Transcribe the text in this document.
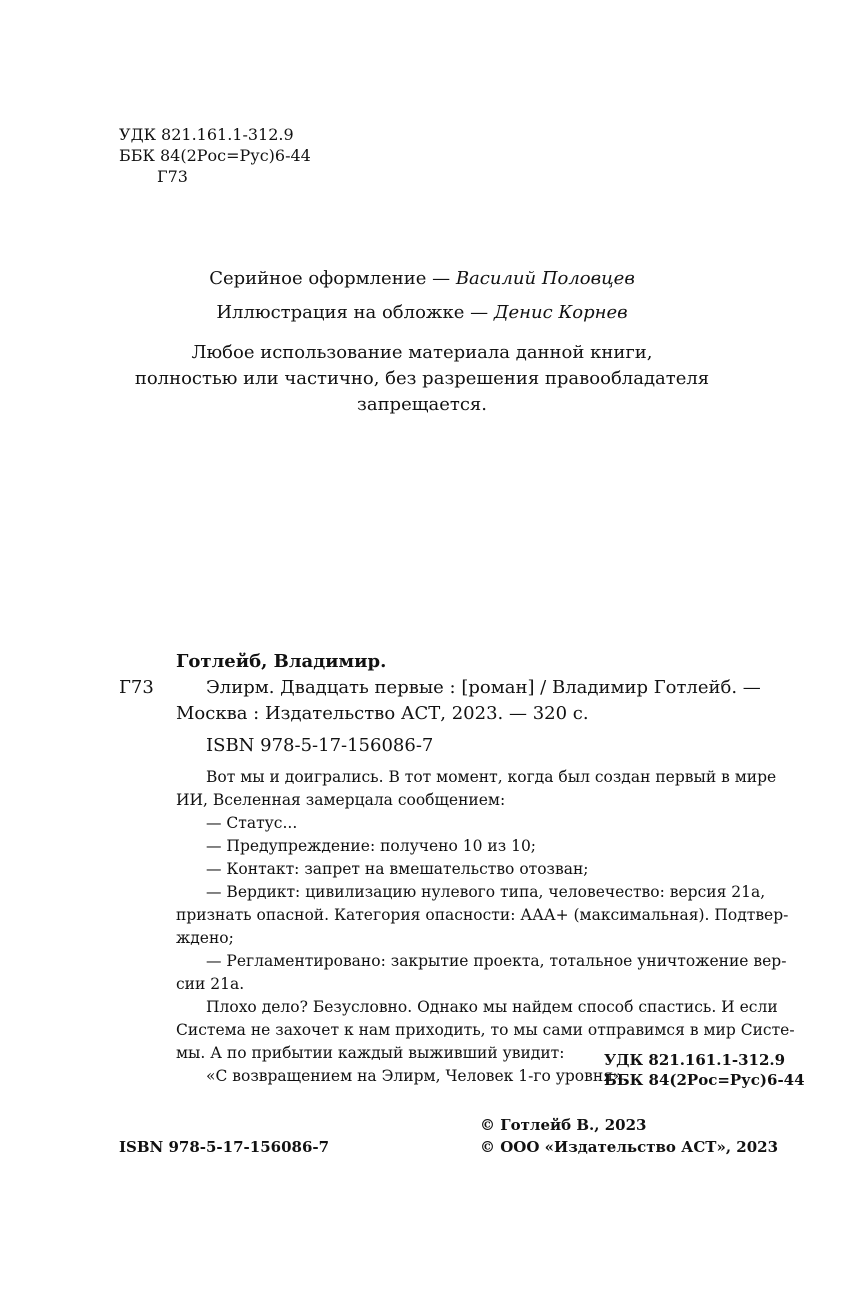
УДК 821.161.1-312.9
ББК 84(2Рос=Рус)6-44
Г73
Серийное оформление — Василий Половцев
Иллюстрация на обложке — Денис Корнев
Любое использование материала данной книги,
полностью или частично, без разрешения правообладателя
запрещается.
Готлейб, Владимир.
Г73	Элирм. Двадцать первые : [роман] / Владимир Готлейб. —
Москва : Издательство АСТ, 2023. — 320 с.
ISBN 978-5-17-156086-7
Вот мы и доигрались. В тот момент, когда был создан первый в мире
ИИ, Вселенная замерцала сообщением:
— Статус...
— Предупреждение: получено 10 из 10;
— Контакт: запрет на вмешательство отозван;
— Вердикт: цивилизацию нулевого типа, человечество: версия 21а,
признать опасной. Категория опасности: ААА+ (максимальная). Подтвер-
ждено;
— Регламентировано: закрытие проекта, тотальное уничтожение вер-
сии 21а.
Плохо дело? Безусловно. Однако мы найдем способ спастись. И если
Система не захочет к нам приходить, то мы сами отправимся в мир Систе-
мы. А по прибытии каждый выживший увидит:
«С возвращением на Элирм, Человек 1-го уровня».
УДК 821.161.1-312.9
ББК 84(2Рос=Рус)6-44
© Готлейб В., 2023
ISBN 978-5-17-156086-7	© ООО «Издательство АСТ», 2023
